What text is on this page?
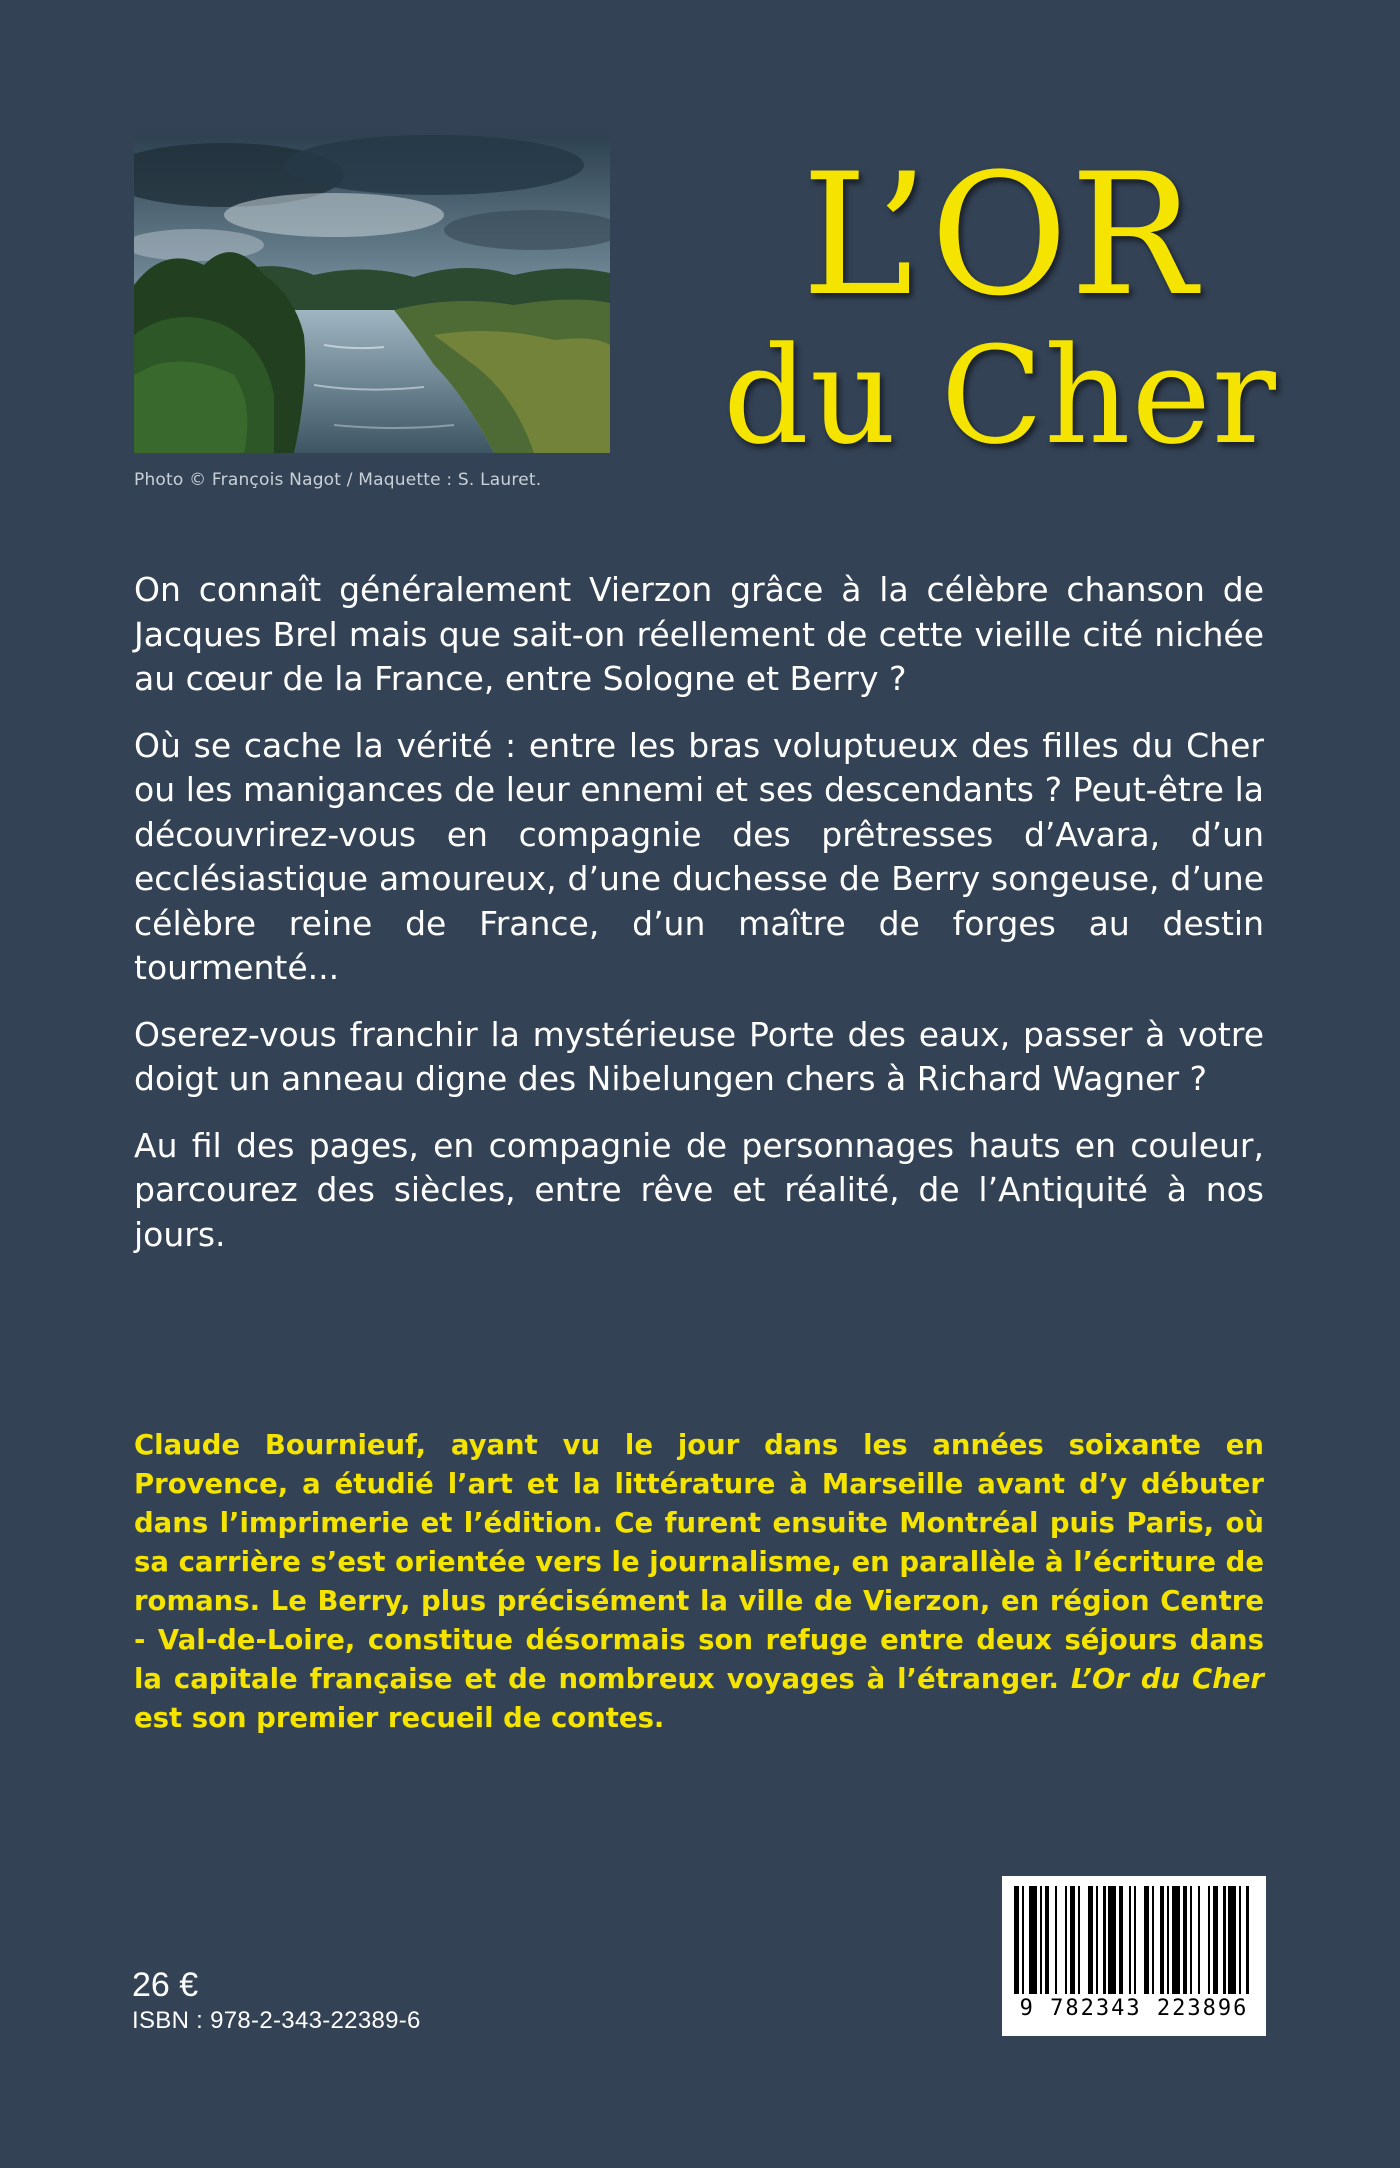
Photo © François Nagot / Maquette : S. Lauret.
L’OR
du Cher

On connaît généralement Vierzon grâce à la célèbre chanson de Jacques Brel mais que sait-on réellement de cette vieille cité nichée au cœur de la France, entre Sologne et Berry ?

Où se cache la vérité : entre les bras voluptueux des filles du Cher ou les manigances de leur ennemi et ses descendants ? Peut-être la découvrirez-vous en compagnie des prêtresses d’Avara, d’un ecclésiastique amoureux, d’une duchesse de Berry songeuse, d’une célèbre reine de France, d’un maître de forges au destin tourmenté...

Oserez-vous franchir la mystérieuse Porte des eaux, passer à votre doigt un anneau digne des Nibelungen chers à Richard Wagner ?

Au fil des pages, en compagnie de personnages hauts en couleur, parcourez des siècles, entre rêve et réalité, de l’Antiquité à nos jours.

Claude Bournieuf, ayant vu le jour dans les années soixante en Provence, a étudié l’art et la littérature à Marseille avant d’y débuter dans l’imprimerie et l’édition. Ce furent ensuite Montréal puis Paris, où sa carrière s’est orientée vers le journalisme, en parallèle à l’écriture de romans. Le Berry, plus précisément la ville de Vierzon, en région Centre - Val-de-Loire, constitue désormais son refuge entre deux séjours dans la capitale française et de nombreux voyages à l’étranger. L’Or du Cher est son premier recueil de contes.
26 €
ISBN : 978-2-343-22389-6	9 782343 223896
